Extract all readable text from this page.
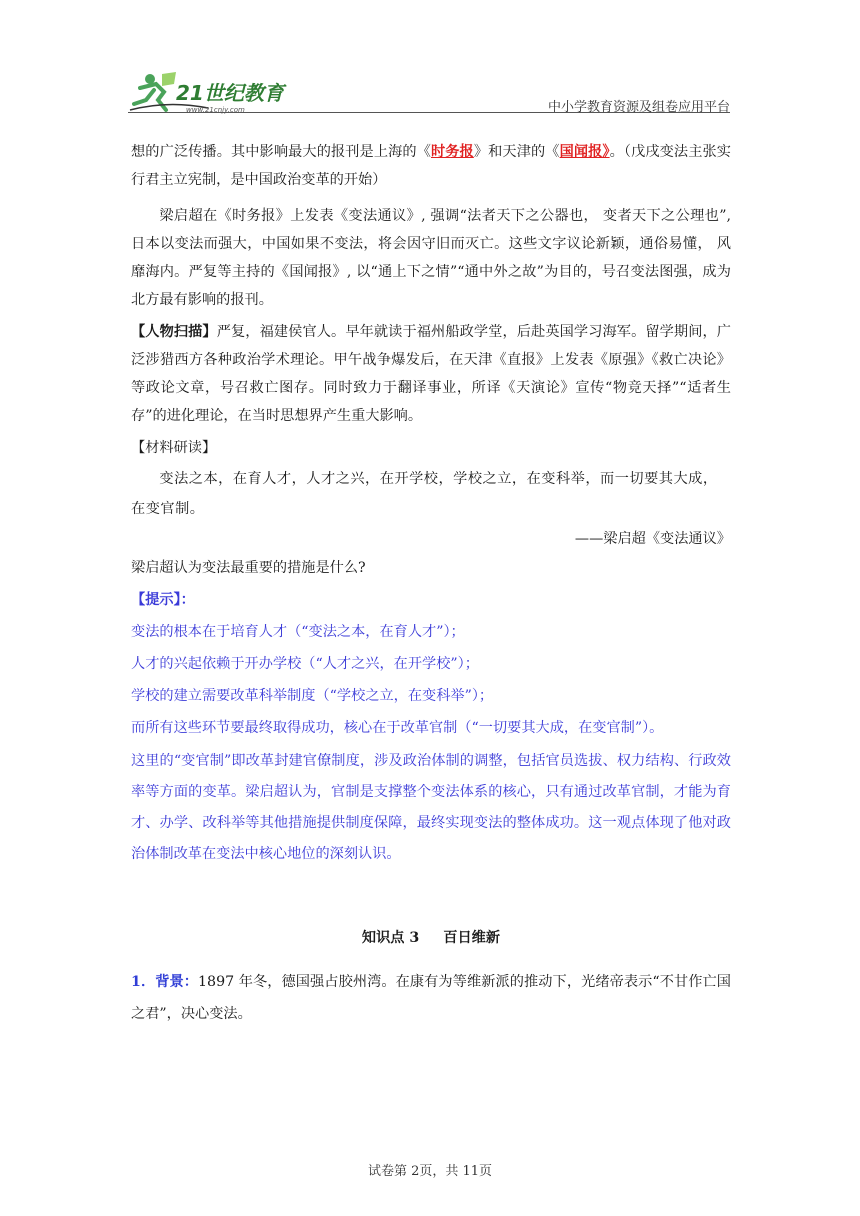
21世纪教育
www.21cnjy.com	中小学教育资源及组卷应用平台

想的广泛传播。其中影响最大的报刊是上海的《时务报》和天津的《国闻报》。（戊戌变法主张实行君主立宪制，是中国政治变革的开始）

梁启超在《时务报》上发表《变法通议》, 强调“法者天下之公器也， 变者天下之公理也”, 日本以变法而强大，中国如果不变法，将会因守旧而灭亡。这些文字议论新颖，通俗易懂， 风靡海内。严复等主持的《国闻报》, 以“通上下之情”“通中外之故”为目的，号召变法图强，成为北方最有影响的报刊。

【人物扫描】严复，福建侯官人。早年就读于福州船政学堂，后赴英国学习海军。留学期间，广泛涉猎西方各种政治学术理论。甲午战争爆发后，在天津《直报》上发表《原强》《救亡决论》等政论文章，号召救亡图存。同时致力于翻译事业，所译《天演论》宣传“物竞天择”“适者生存”的进化理论，在当时思想界产生重大影响。

【材料研读】

变法之本，在育人才，人才之兴，在开学校，学校之立，在变科举，而一切要其大成，在变官制。

——梁启超《变法通议》

梁启超认为变法最重要的措施是什么?

【提示】：

变法的根本在于培育人才（“变法之本，在育人才”）；

人才的兴起依赖于开办学校（“人才之兴，在开学校”）；

学校的建立需要改革科举制度（“学校之立，在变科举”）；

而所有这些环节要最终取得成功，核心在于改革官制（“一切要其大成，在变官制”）。

这里的“变官制”即改革封建官僚制度，涉及政治体制的调整，包括官员选拔、权力结构、行政效率等方面的变革。梁启超认为，官制是支撑整个变法体系的核心，只有通过改革官制，才能为育才、办学、改科举等其他措施提供制度保障，最终实现变法的整体成功。这一观点体现了他对政治体制改革在变法中核心地位的深刻认识。

知识点 3 百日维新

1．背景：1897 年冬，德国强占胶州湾。在康有为等维新派的推动下，光绪帝表示“不甘作亡国之君”，决心变法。

试卷第 2页，共 11页
